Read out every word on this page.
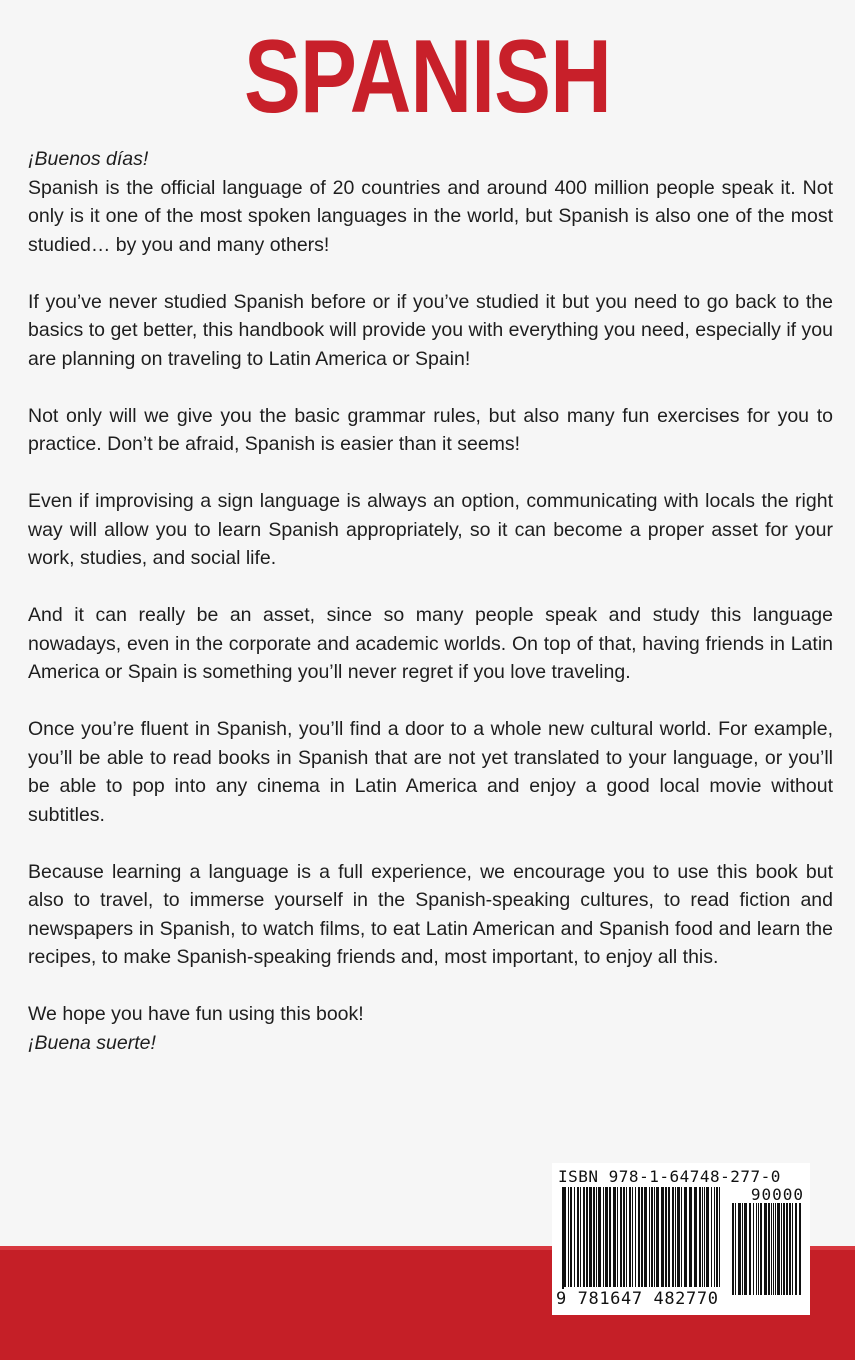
SPANISH

¡Buenos días!
Spanish is the official language of 20 countries and around 400 million people speak it. Not only is it one of the most spoken languages in the world, but Spanish is also one of the most studied… by you and many others!

If you’ve never studied Spanish before or if you’ve studied it but you need to go back to the basics to get better, this handbook will provide you with everything you need, especially if you are planning on traveling to Latin America or Spain!

Not only will we give you the basic grammar rules, but also many fun exercises for you to practice. Don’t be afraid, Spanish is easier than it seems!

Even if improvising a sign language is always an option, communicating with locals the right way will allow you to learn Spanish appropriately, so it can become a proper asset for your work, studies, and social life.

And it can really be an asset, since so many people speak and study this language nowadays, even in the corporate and academic worlds. On top of that, having friends in Latin America or Spain is something you’ll never regret if you love traveling.

Once you’re fluent in Spanish, you’ll find a door to a whole new cultural world. For example, you’ll be able to read books in Spanish that are not yet translated to your language, or you’ll be able to pop into any cinema in Latin America and enjoy a good local movie without subtitles.

Because learning a language is a full experience, we encourage you to use this book but also to travel, to immerse yourself in the Spanish-speaking cultures, to read fiction and newspapers in Spanish, to watch films, to eat Latin American and Spanish food and learn the recipes, to make Spanish-speaking friends and, most important, to enjoy all this.

We hope you have fun using this book!
¡Buena suerte!

ISBN 978-1-64748-277-0
90000
9 781647 482770
